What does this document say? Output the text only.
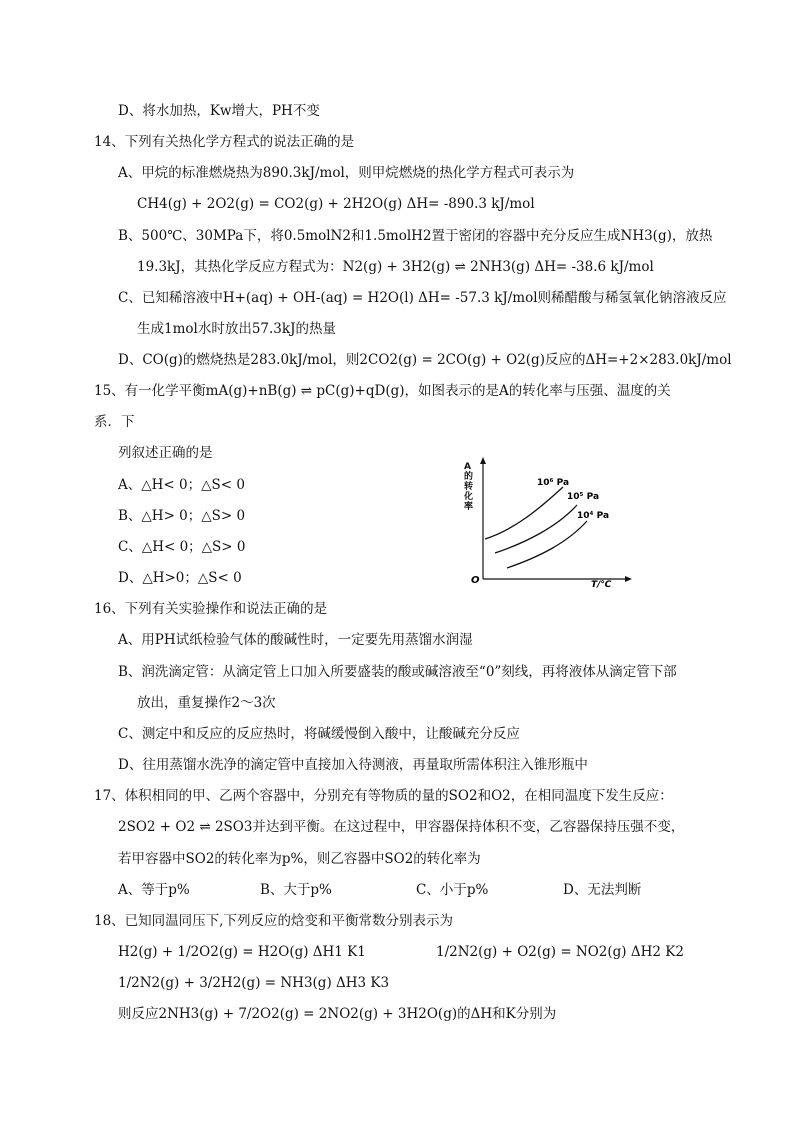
D、将水加热，Kw增大，PH不变
14、下列有关热化学方程式的说法正确的是
A、甲烷的标准燃烧热为890.3kJ/mol，则甲烷燃烧的热化学方程式可表示为
CH4(g) + 2O2(g) = CO2(g) + 2H2O(g) ΔH= -890.3 kJ/mol
B、500℃、30MPa下，将0.5molN2和1.5molH2置于密闭的容器中充分反应生成NH3(g)，放热
19.3kJ，其热化学反应方程式为：N2(g) + 3H2(g) ⇌ 2NH3(g) ΔH= -38.6 kJ/mol
C、已知稀溶液中H+(aq) + OH-(aq) = H2O(l) ΔH= -57.3 kJ/mol则稀醋酸与稀氢氧化钠溶液反应
生成1mol水时放出57.3kJ的热量
D、CO(g)的燃烧热是283.0kJ/mol，则2CO2(g) = 2CO(g) + O2(g)反应的ΔH=+2×283.0kJ/mol
15、有一化学平衡mA(g)+nB(g) ⇌ pC(g)+qD(g)，如图表示的是A的转化率与压强、温度的关
系．下
列叙述正确的是
A、△H< 0；△S< 0
B、△H> 0；△S> 0
C、△H< 0；△S> 0
D、△H>0；△S< 0
A
的
转
化
率
O	T/℃
10⁶ Pa
10⁵ Pa
10⁴ Pa
16、下列有关实验操作和说法正确的是
A、用PH试纸检验气体的酸碱性时，一定要先用蒸馏水润湿
B、润洗滴定管：从滴定管上口加入所要盛装的酸或碱溶液至“0”刻线，再将液体从滴定管下部
放出，重复操作2～3次
C、测定中和反应的反应热时，将碱缓慢倒入酸中，让酸碱充分反应
D、往用蒸馏水洗净的滴定管中直接加入待测液，再量取所需体积注入锥形瓶中
17、体积相同的甲、乙两个容器中，分别充有等物质的量的SO2和O2，在相同温度下发生反应：
2SO2 + O2 ⇌ 2SO3并达到平衡。在这过程中，甲容器保持体积不变，乙容器保持压强不变，
若甲容器中SO2的转化率为p%，则乙容器中SO2的转化率为
A、等于p%	B、大于p%	C、小于p%	D、无法判断
18、已知同温同压下,下列反应的焓变和平衡常数分别表示为
H2(g) + 1/2O2(g) = H2O(g) ΔH1 K1	1/2N2(g) + O2(g) = NO2(g) ΔH2 K2
1/2N2(g) + 3/2H2(g) = NH3(g) ΔH3 K3
则反应2NH3(g) + 7/2O2(g) = 2NO2(g) + 3H2O(g)的ΔH和K分别为
